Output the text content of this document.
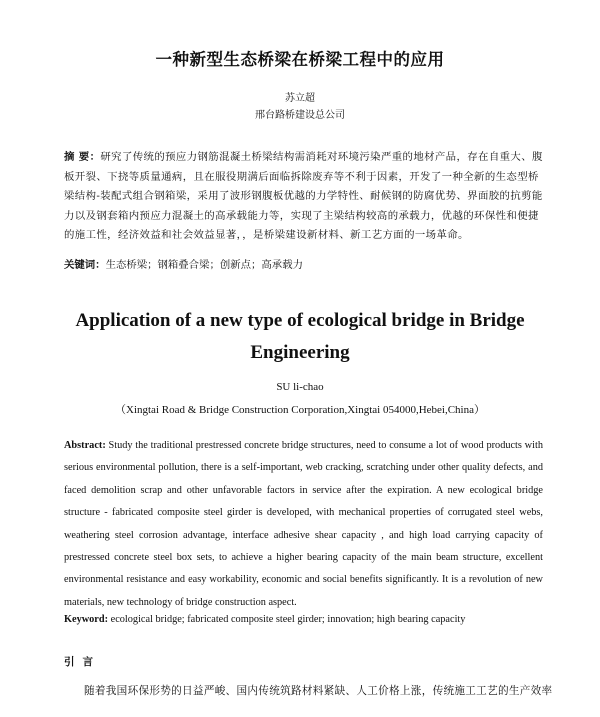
一种新型生态桥梁在桥梁工程中的应用
苏立超
邢台路桥建设总公司
摘 要：研究了传统的预应力钢筋混凝土桥梁结构需消耗对环境污染严重的地材产品，存在自重大、腹板开裂、下挠等质量通病，且在服役期满后面临拆除废弃等不利于因素，开发了一种全新的生态型桥梁结构-装配式组合钢箱梁，采用了波形钢腹板优越的力学特性、耐候钢的防腐优势、界面胶的抗剪能力以及钢套箱内预应力混凝土的高承载能力等，实现了主梁结构较高的承载力，优越的环保性和便捷的施工性，经济效益和社会效益显著，，是桥梁建设新材料、新工艺方面的一场革命。
关键词：生态桥梁；钢箱叠合梁；创新点；高承载力
Application of a new type of ecological bridge in Bridge Engineering
SU li-chao
（Xingtai Road & Bridge Construction Corporation,Xingtai 054000,Hebei,China）
Abstract: Study the traditional prestressed concrete bridge structures, need to consume a lot of wood products with serious environmental pollution, there is a self-important, web cracking, scratching under other quality defects, and faced demolition scrap and other unfavorable factors in service after the expiration. A new ecological bridge structure - fabricated composite steel girder is developed, with mechanical properties of corrugated steel webs, weathering steel corrosion advantage, interface adhesive shear capacity , and high load carrying capacity of prestressed concrete steel box sets, to achieve a higher bearing capacity of the main beam structure, excellent environmental resistance and easy workability, economic and social benefits significantly. It is a revolution of new materials, new technology of bridge construction aspect.
Keyword: ecological bridge; fabricated composite steel girder; innovation; high bearing capacity
引言
随着我国环保形势的日益严峻、国内传统筑路材料紧缺、人工价格上涨，传统施工工艺的生产效率
